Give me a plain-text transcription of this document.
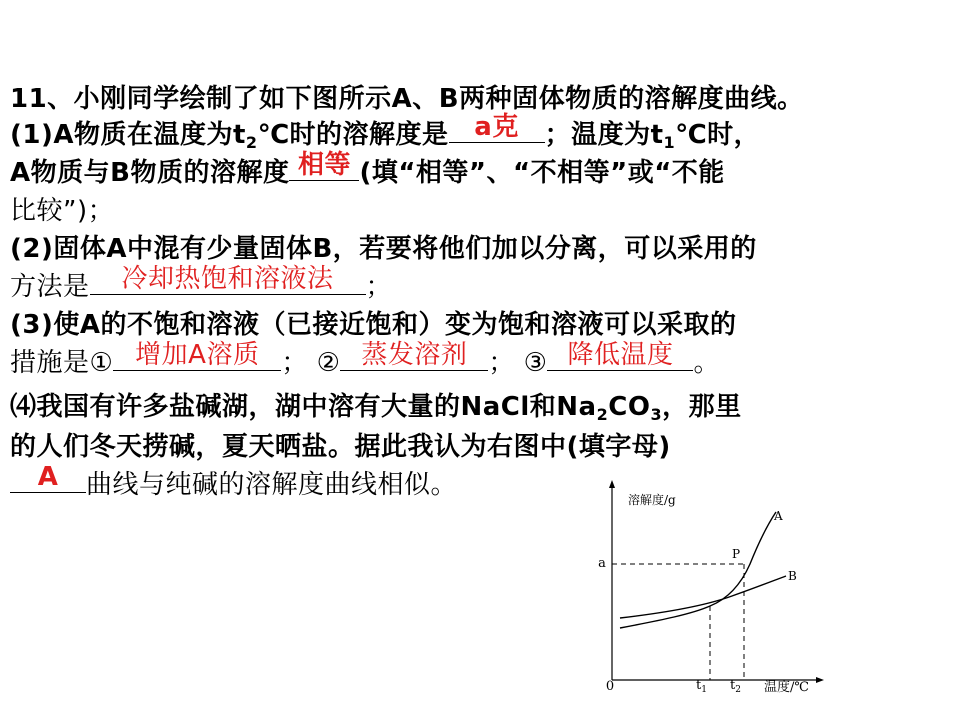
11、小刚同学绘制了如下图所示A、B两种固体物质的溶解度曲线。
(1)A物质在温度为$t_2℃$时的溶解度是 a克 ；温度为$t_1℃$时，
A物质与B物质的溶解度 相等 (填“相等”、“不相等”或“不能
比较”)；
(2)固体A中混有少量固体B，若要将他们加以分离，可以采用的
方法是	冷却热饱和溶液法	；
(3)使A的不饱和溶液（已接近饱和）变为饱和溶液可以采取的
措施是① 增加A溶质 ； ② 蒸发溶剂 ； ③ 降低温度 。
⑷我国有许多盐碱湖，湖中溶有大量的NaCl和$Na_2CO_3$，那里
的人们冬天捞碱，夏天晒盐。据此我认为右图中(填字母)
A	曲线与纯碱的溶解度曲线相似。	溶解度/g
温度/℃
0
a
$t_1$ $t_2$
A
B
P
